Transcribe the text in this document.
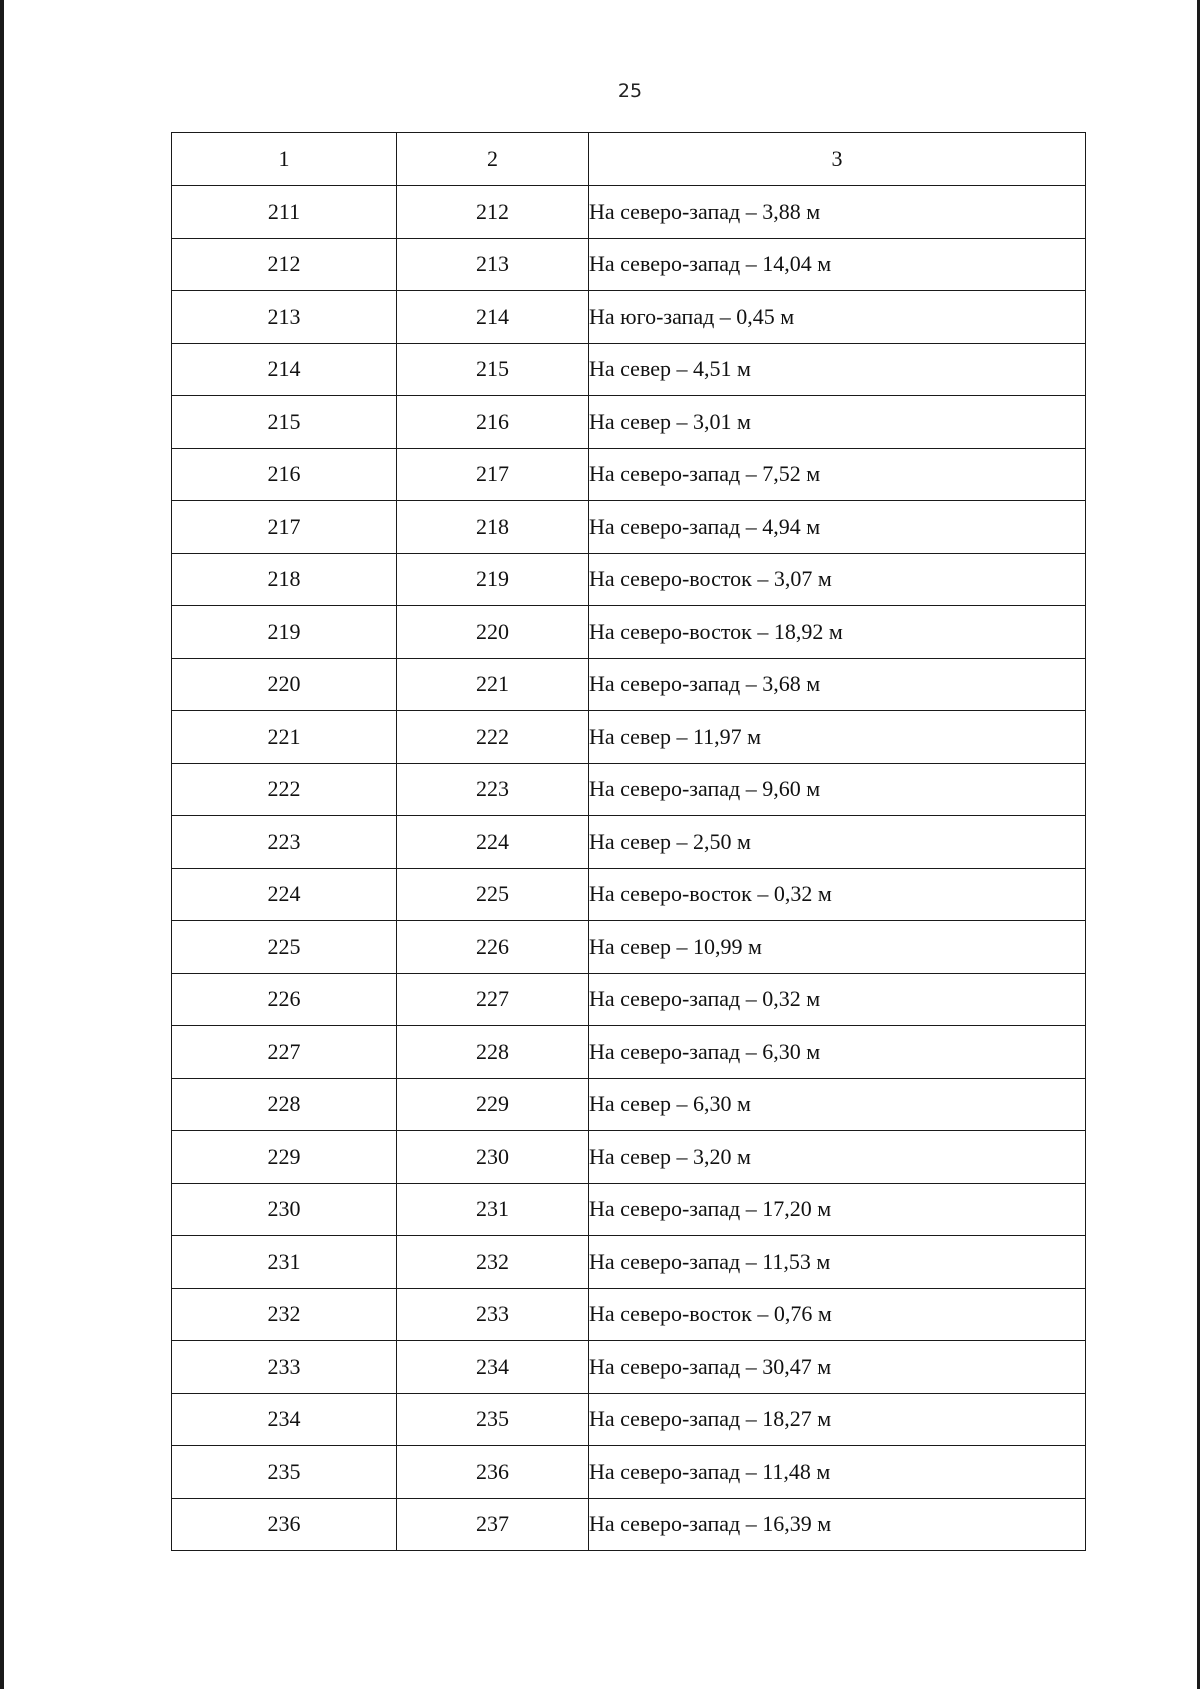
25
1	2	3
211	212	На северо-запад – 3,88 м
212	213	На северо-запад – 14,04 м
213	214	На юго-запад – 0,45 м
214	215	На север – 4,51 м
215	216	На север – 3,01 м
216	217	На северо-запад – 7,52 м
217	218	На северо-запад – 4,94 м
218	219	На северо-восток – 3,07 м
219	220	На северо-восток – 18,92 м
220	221	На северо-запад – 3,68 м
221	222	На север – 11,97 м
222	223	На северо-запад – 9,60 м
223	224	На север – 2,50 м
224	225	На северо-восток – 0,32 м
225	226	На север – 10,99 м
226	227	На северо-запад – 0,32 м
227	228	На северо-запад – 6,30 м
228	229	На север – 6,30 м
229	230	На север – 3,20 м
230	231	На северо-запад – 17,20 м
231	232	На северо-запад – 11,53 м
232	233	На северо-восток – 0,76 м
233	234	На северо-запад – 30,47 м
234	235	На северо-запад – 18,27 м
235	236	На северо-запад – 11,48 м
236	237	На северо-запад – 16,39 м
